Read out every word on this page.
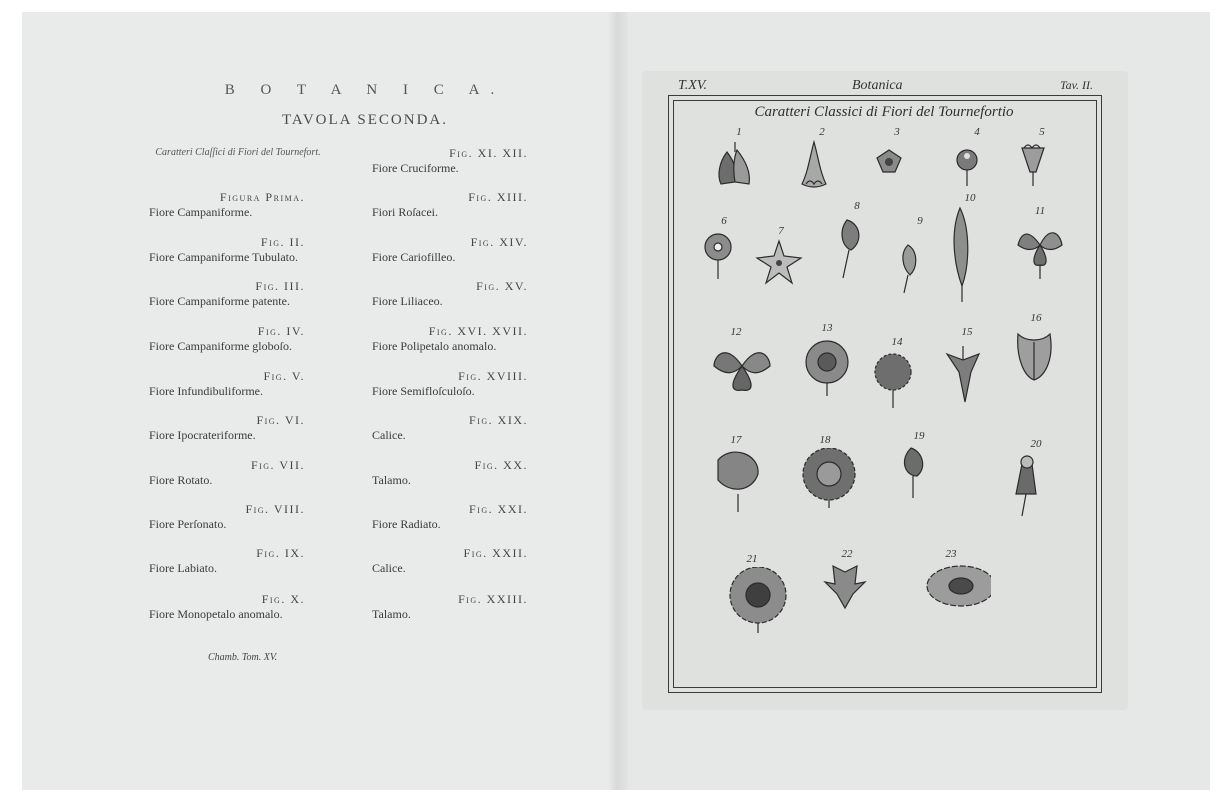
B O T A N I C A.
TAVOLA SECONDA.
Caratteri Claſſici di Fiori del Tournefort.
Figura Prima.
Fiore Campaniforme.
Fig. II.
Fiore Campaniforme Tubulato.
Fig. III.
Fiore Campaniforme patente.
Fig. IV.
Fiore Campaniforme globoſo.
Fig. V.
Fiore Infundibuliforme.
Fig. VI.
Fiore Ipocrateriforme.
Fig. VII.
Fiore Rotato.
Fig. VIII.
Fiore Perſonato.
Fig. IX.
Fiore Labiato.
Fig. X.
Fiore Monopetalo anomalo.
Fig. XI. XII.
Fiore Cruciforme.
Fig. XIII.
Fiori Roſacei.
Fig. XIV.
Fiore Cariofilleo.
Fig. XV.
Fiore Liliaceo.
Fig. XVI. XVII.
Fiore Polipetalo anomalo.
Fig. XVIII.
Fiore Semifloſculoſo.
Fig. XIX.
Calice.
Fig. XX.
Talamo.
Fig. XXI.
Fiore Radiato.
Fig. XXII.
Calice.
Fig. XXIII.
Talamo.
Chamb. Tom. XV.
T.XV.	Botanica	Tav. II.
Caratteri Classici di Fiori del Tournefortio
1	2	3	4	5
6
7
8
9
10
11
12	13
14
15
16
17	18	19
20
21	22	23
